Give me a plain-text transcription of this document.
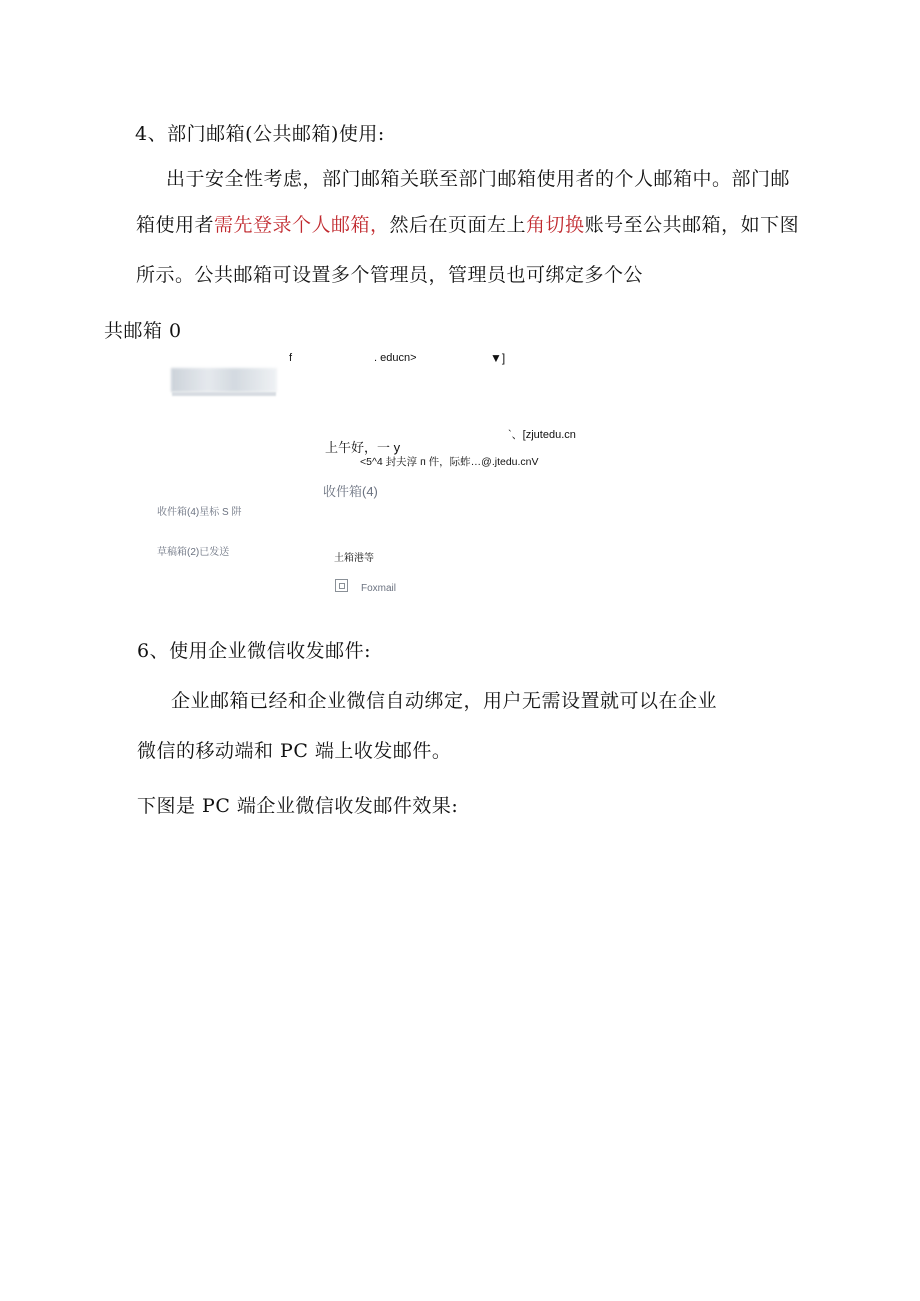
4、部门邮箱(公共邮箱)使用:
出于安全性考虑，部门邮箱关联至部门邮箱使用者的个人邮箱中。部门邮
箱使用者需先登录个人邮箱，然后在页面左上角切换账号至公共邮箱，如下图
所示。公共邮箱可设置多个管理员，管理员也可绑定多个公
共邮箱 0
f	. educn>	▼]
`、[zjutedu.cn
上午好，一 y
<5^4 封夫淳 ᴨ 件，际蚱…@.jtedu.cnV
收件箱(4)
收件箱(4)星标 S 阱
草稿箱(2)已发送
土箱港等
Foxmail
6、使用企业微信收发邮件:
企业邮箱已经和企业微信自动绑定，用户无需设置就可以在企业
微信的移动端和 PC 端上收发邮件。
下图是 PC 端企业微信收发邮件效果:
